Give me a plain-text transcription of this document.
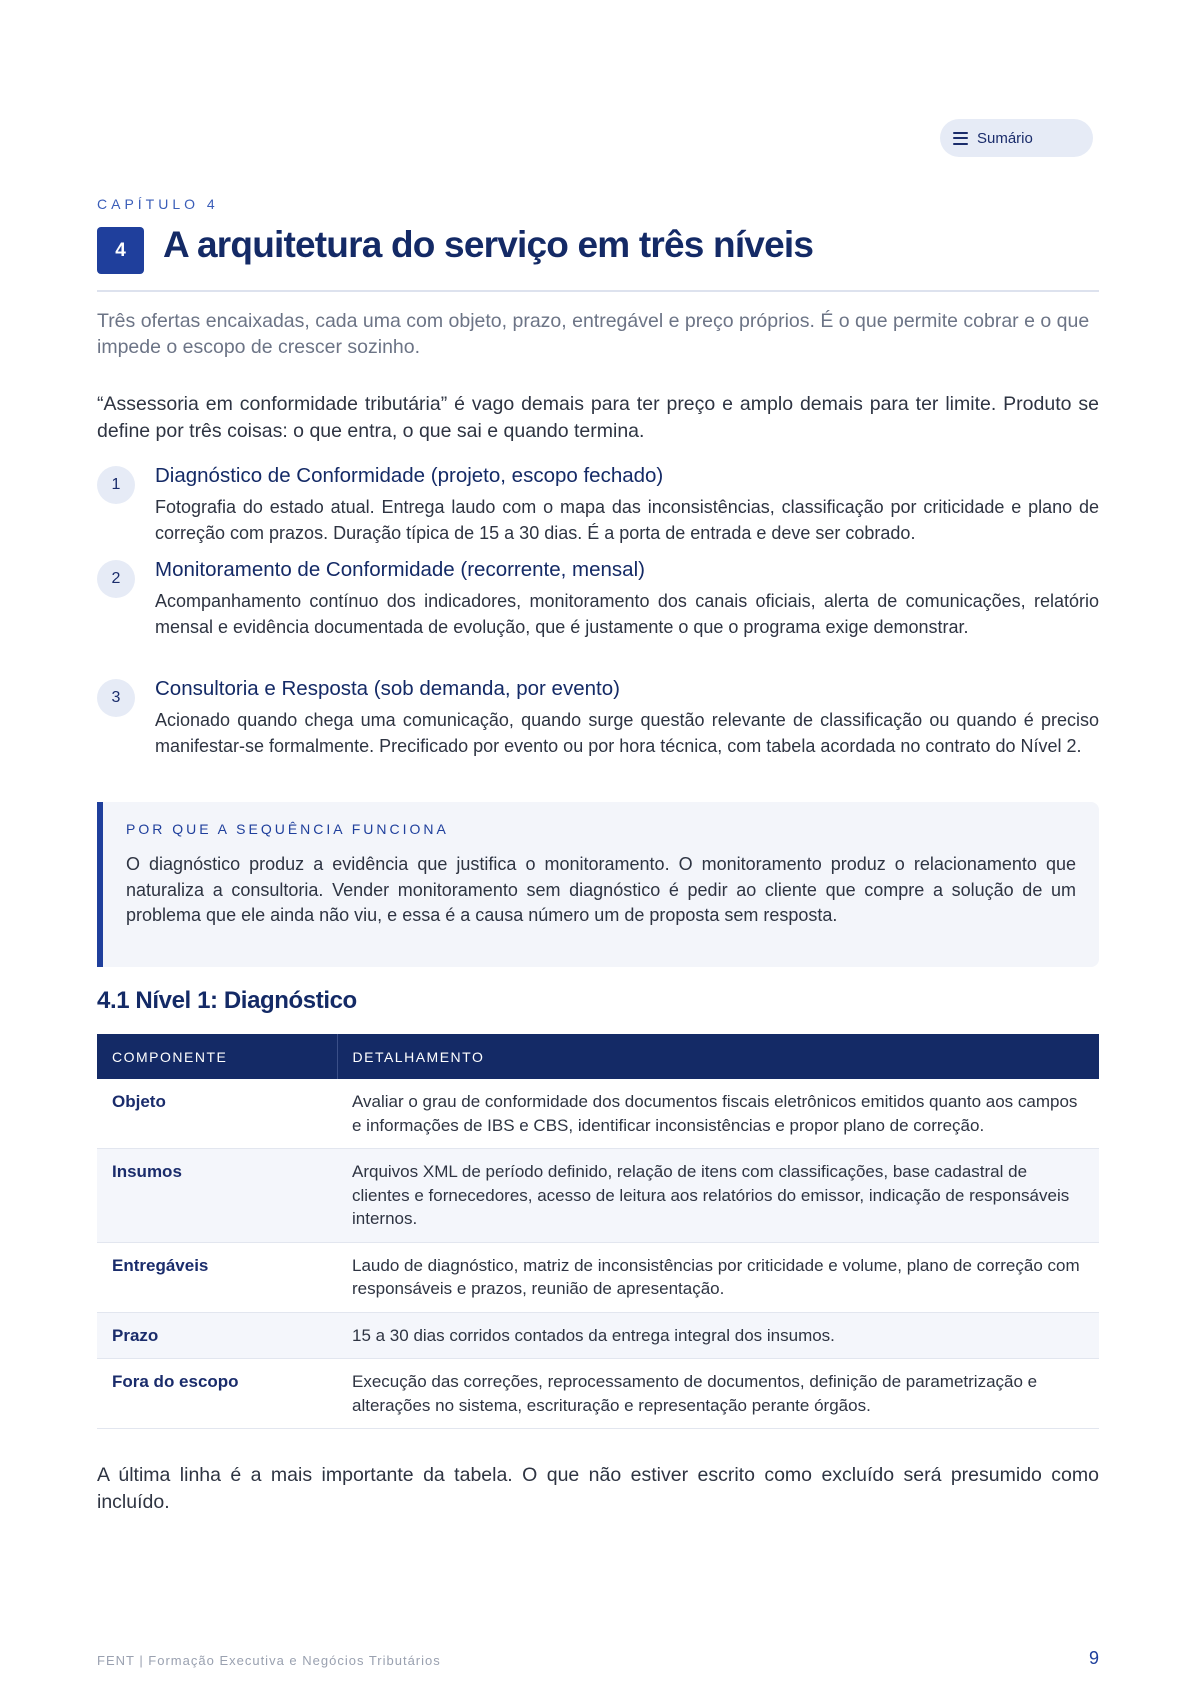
Sumário
CAPÍTULO 4
4	A arquitetura do serviço em três níveis

Três ofertas encaixadas, cada uma com objeto, prazo, entregável e preço próprios. É o que permite cobrar e o que impede o escopo de crescer sozinho.

“Assessoria em conformidade tributária” é vago demais para ter preço e amplo demais para ter limite. Produto se define por três coisas: o que entra, o que sai e quando termina.

1	Diagnóstico de Conformidade (projeto, escopo fechado)
Fotografia do estado atual. Entrega laudo com o mapa das inconsistências, classificação por criticidade e plano de correção com prazos. Duração típica de 15 a 30 dias. É a porta de entrada e deve ser cobrado.
2	Monitoramento de Conformidade (recorrente, mensal)
Acompanhamento contínuo dos indicadores, monitoramento dos canais oficiais, alerta de comunicações, relatório mensal e evidência documentada de evolução, que é justamente o que o programa exige demonstrar.
3	Consultoria e Resposta (sob demanda, por evento)
Acionado quando chega uma comunicação, quando surge questão relevante de classificação ou quando é preciso manifestar-se formalmente. Precificado por evento ou por hora técnica, com tabela acordada no contrato do Nível 2.
POR QUE A SEQUÊNCIA FUNCIONA
O diagnóstico produz a evidência que justifica o monitoramento. O monitoramento produz o relacionamento que naturaliza a consultoria. Vender monitoramento sem diagnóstico é pedir ao cliente que compre a solução de um problema que ele ainda não viu, e essa é a causa número um de proposta sem resposta.
4.1 Nível 1: Diagnóstico
COMPONENTE	DETALHAMENTO
Objeto	Avaliar o grau de conformidade dos documentos fiscais eletrônicos emitidos quanto aos campos e informações de IBS e CBS, identificar inconsistências e propor plano de correção.
Insumos	Arquivos XML de período definido, relação de itens com classificações, base cadastral de clientes e fornecedores, acesso de leitura aos relatórios do emissor, indicação de responsáveis internos.
Entregáveis	Laudo de diagnóstico, matriz de inconsistências por criticidade e volume, plano de correção com responsáveis e prazos, reunião de apresentação.
Prazo	15 a 30 dias corridos contados da entrega integral dos insumos.
Fora do escopo	Execução das correções, reprocessamento de documentos, definição de parametrização e alterações no sistema, escrituração e representação perante órgãos.

A última linha é a mais importante da tabela. O que não estiver escrito como excluído será presumido como incluído.

FENT | Formação Executiva e Negócios Tributários	9
